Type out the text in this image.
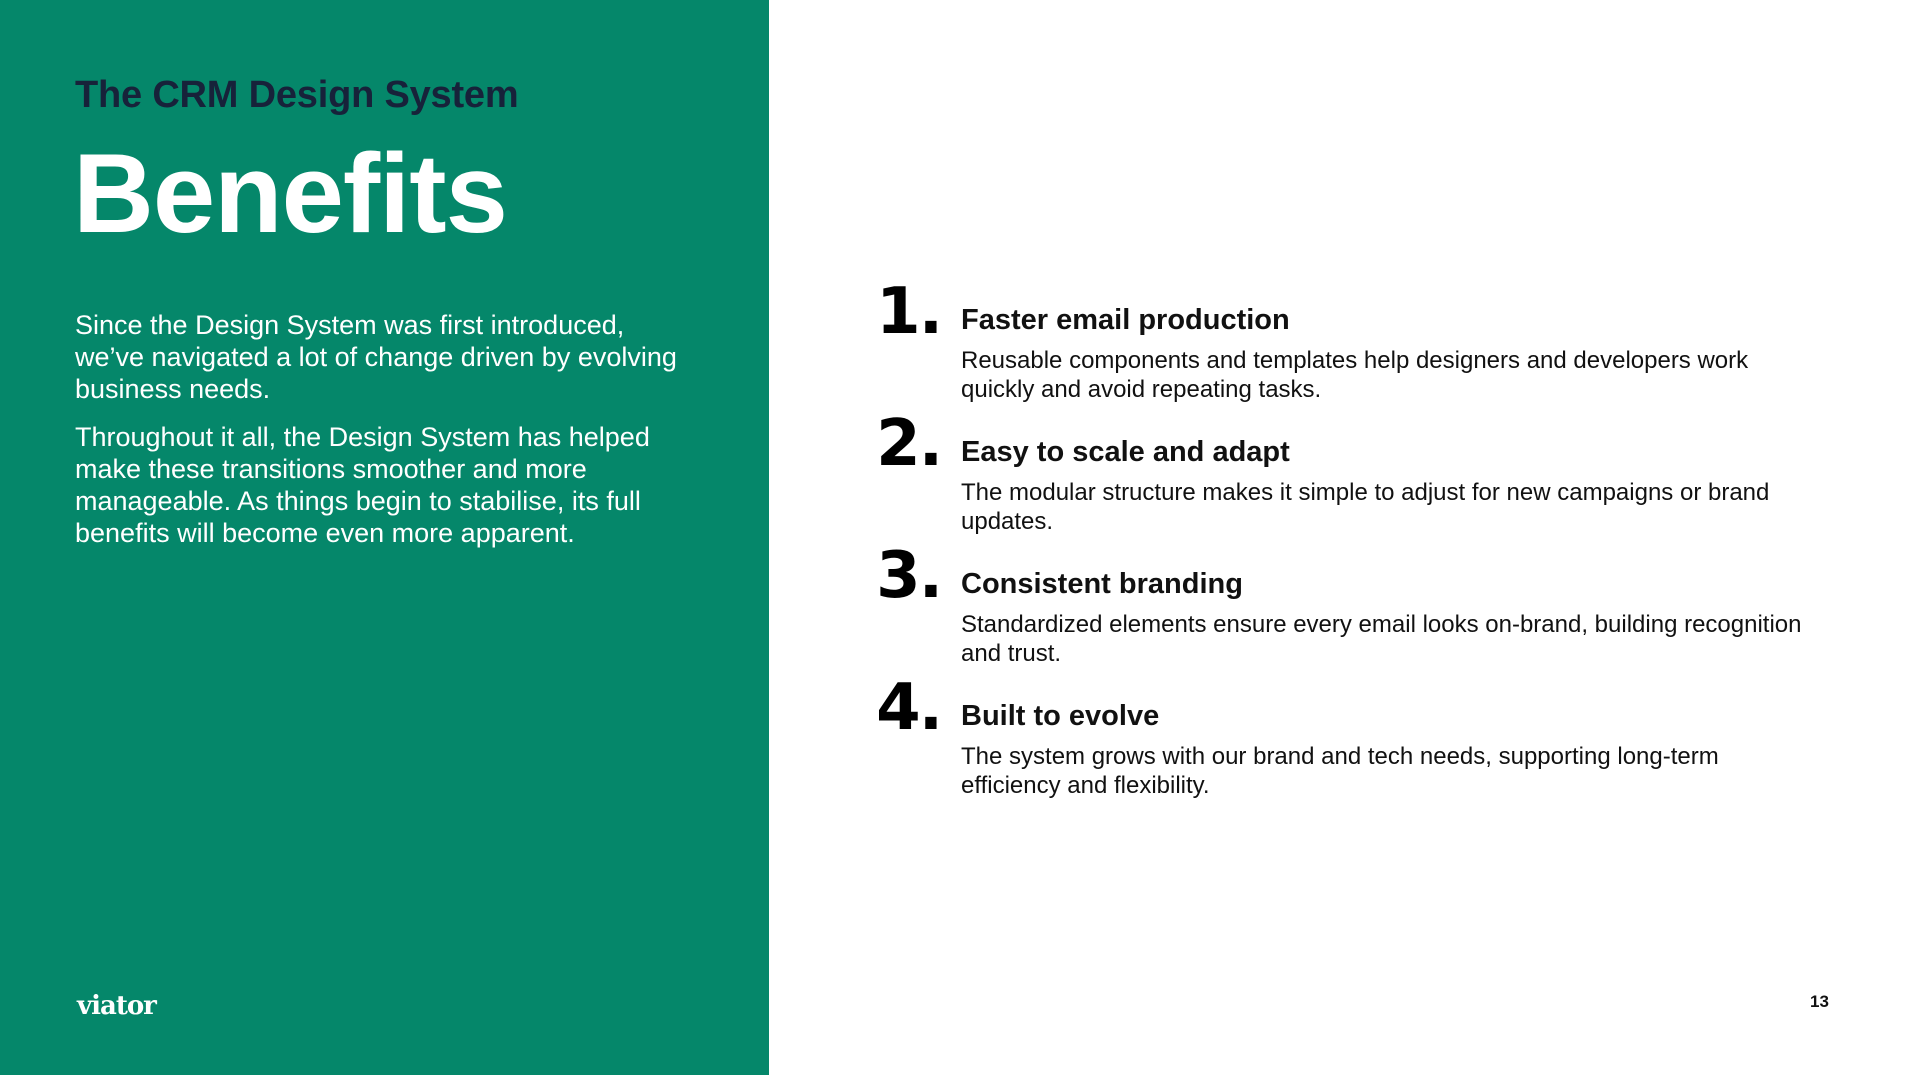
The CRM Design System
Benefits

Since the Design System was first introduced, we’ve navigated a lot of change driven by evolving business needs.

Throughout it all, the Design System has helped make these transitions smoother and more manageable. As things begin to stabilise, its full benefits will become even more apparent.

viator
1. Faster email production
Reusable components and templates help designers and developers work quickly and avoid repeating tasks.
2. Easy to scale and adapt
The modular structure makes it simple to adjust for new campaigns or brand updates.
3. Consistent branding
Standardized elements ensure every email looks on-brand, building recognition and trust.
4. Built to evolve
The system grows with our brand and tech needs, supporting long-term efficiency and flexibility.
13
